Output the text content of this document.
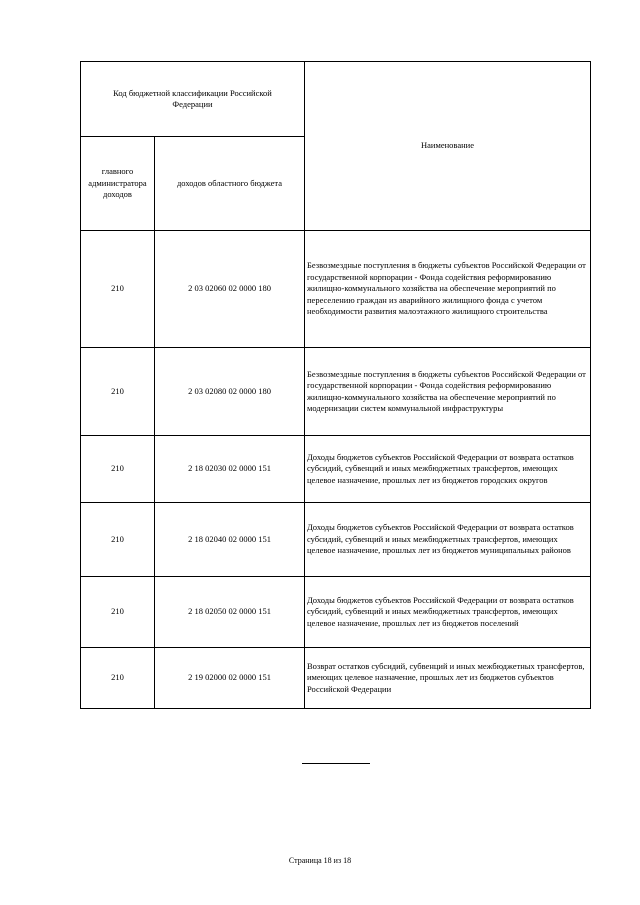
Код бюджетной классификации Российской Федерации		Наименование
главного администратора доходов	доходов областного бюджета	
210	2 03 02060 02 0000 180	Безвозмездные поступления в бюджеты субъектов Российской Федерации от государственной корпорации - Фонда содействия реформированию жилищно-коммунального хозяйства на обеспечение мероприятий по переселению граждан из аварийного жилищного фонда с учетом необходимости развития малоэтажного жилищного строительства
210	2 03 02080 02 0000 180	Безвозмездные поступления в бюджеты субъектов Российской Федерации от государственной корпорации - Фонда содействия реформированию жилищно-коммунального хозяйства на обеспечение мероприятий по модернизации систем коммунальной инфраструктуры
210	2 18 02030 02 0000 151	Доходы бюджетов субъектов Российской Федерации от возврата остатков субсидий, субвенций и иных межбюджетных трансфертов, имеющих целевое назначение, прошлых лет из бюджетов городских округов
210	2 18 02040 02 0000 151	Доходы бюджетов субъектов Российской Федерации от возврата остатков субсидий, субвенций и иных межбюджетных трансфертов, имеющих целевое назначение, прошлых лет из бюджетов муниципальных районов
210	2 18 02050 02 0000 151	Доходы бюджетов субъектов Российской Федерации от возврата остатков субсидий, субвенций и иных межбюджетных трансфертов, имеющих целевое назначение, прошлых лет из бюджетов поселений
210	2 19 02000 02 0000 151	Возврат остатков субсидий, субвенций и иных межбюджетных трансфертов, имеющих целевое назначение, прошлых лет из бюджетов субъектов Российской Федерации
Страница 18 из 18
